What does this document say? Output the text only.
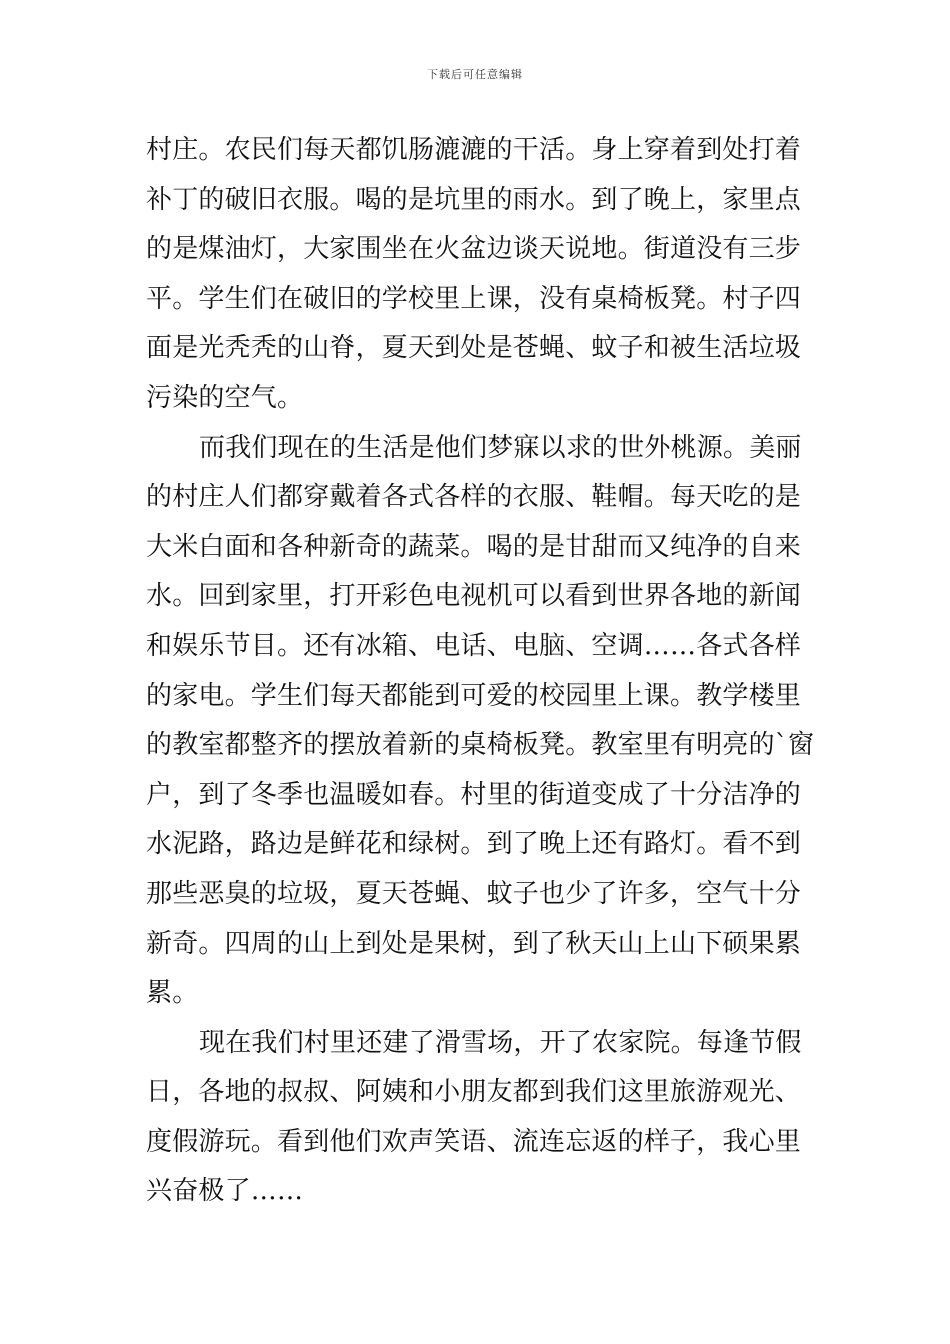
下载后可任意编辑
村庄。农民们每天都饥肠漉漉的干活。身上穿着到处打着
补丁的破旧衣服。喝的是坑里的雨水。到了晚上，家里点
的是煤油灯，大家围坐在火盆边谈天说地。街道没有三步
平。学生们在破旧的学校里上课，没有桌椅板凳。村子四
面是光秃秃的山脊，夏天到处是苍蝇、蚊子和被生活垃圾
污染的空气。
而我们现在的生活是他们梦寐以求的世外桃源。美丽
的村庄人们都穿戴着各式各样的衣服、鞋帽。每天吃的是
大米白面和各种新奇的蔬菜。喝的是甘甜而又纯净的自来
水。回到家里，打开彩色电视机可以看到世界各地的新闻
和娱乐节目。还有冰箱、电话、电脑、空调……各式各样
的家电。学生们每天都能到可爱的校园里上课。教学楼里
的教室都整齐的摆放着新的桌椅板凳。教室里有明亮的`窗
户，到了冬季也温暖如春。村里的街道变成了十分洁净的
水泥路，路边是鲜花和绿树。到了晚上还有路灯。看不到
那些恶臭的垃圾，夏天苍蝇、蚊子也少了许多，空气十分
新奇。四周的山上到处是果树，到了秋天山上山下硕果累
累。
现在我们村里还建了滑雪场，开了农家院。每逢节假
日，各地的叔叔、阿姨和小朋友都到我们这里旅游观光、
度假游玩。看到他们欢声笑语、流连忘返的样子，我心里
兴奋极了……
